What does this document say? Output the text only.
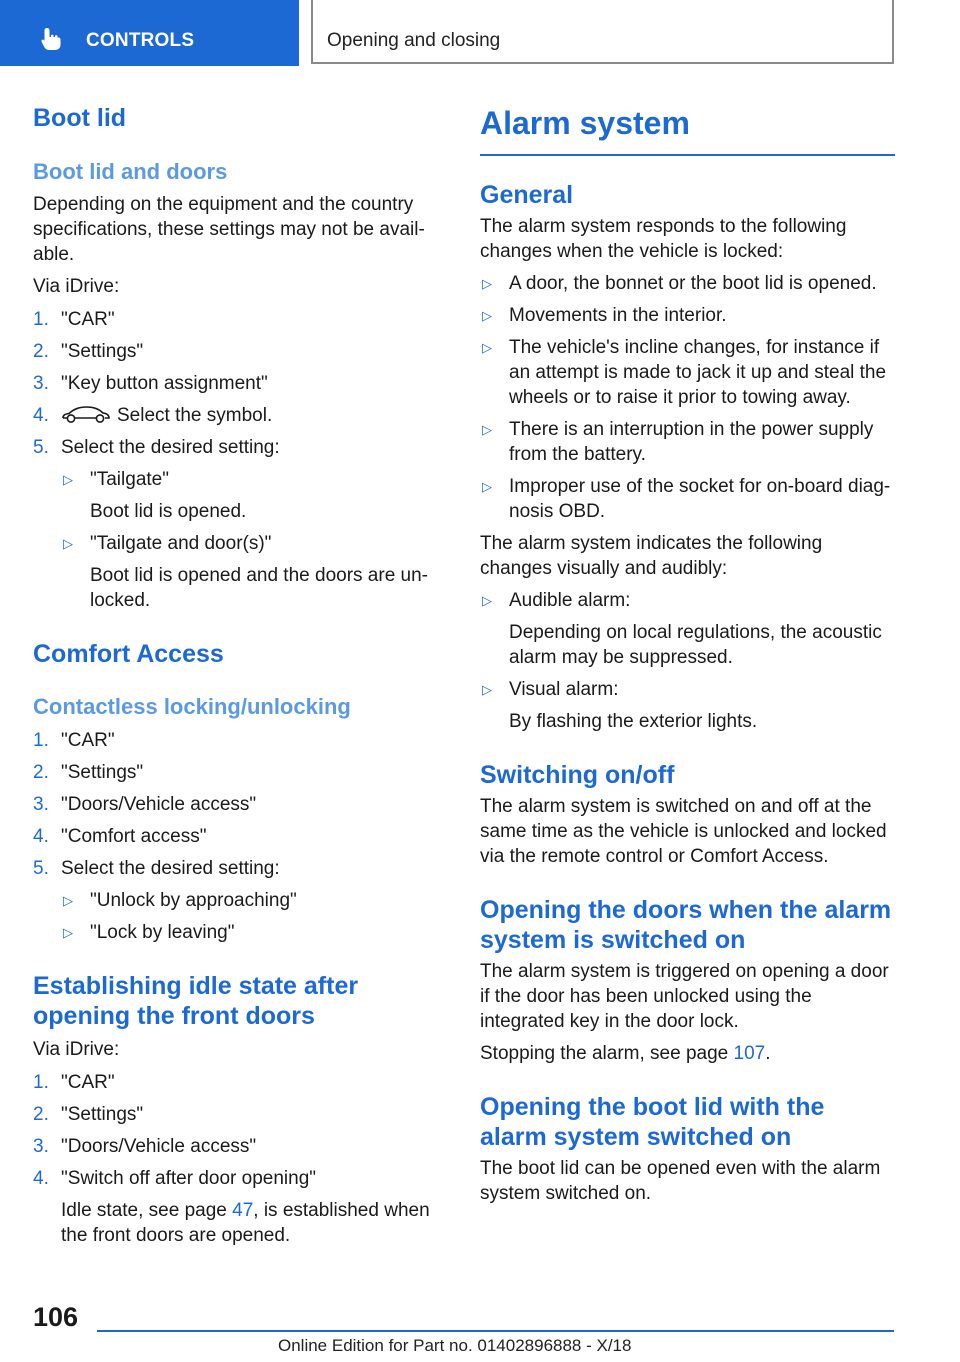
CONTROLS	Opening and closing
Boot lid
Boot lid and doors

Depending on the equipment and the country specifications, these settings may not be avail-able.

Via iDrive:

1. "CAR"
2. "Settings"
3. "Key button assignment"
4.	Select the symbol.
5. Select the desired setting:
▷ "Tailgate"
Boot lid is opened.
▷ "Tailgate and door(s)"
Boot lid is opened and the doors are un-locked.
Comfort Access
Contactless locking/unlocking
1. "CAR"
2. "Settings"
3. "Doors/Vehicle access"
4. "Comfort access"
5. Select the desired setting:
▷ "Unlock by approaching"
▷ "Lock by leaving"
Establishing idle state after opening the front doors

Via iDrive:

1. "CAR"
2. "Settings"
3. "Doors/Vehicle access"
4. "Switch off after door opening"
Idle state, see page 47, is established when the front doors are opened.
Alarm system
General

The alarm system responds to the following changes when the vehicle is locked:

▷ A door, the bonnet or the boot lid is opened.
▷ Movements in the interior.
▷ The vehicle's incline changes, for instance if an attempt is made to jack it up and steal the wheels or to raise it prior to towing away.
▷ There is an interruption in the power supply from the battery.
▷ Improper use of the socket for on-board diag-nosis OBD.

The alarm system indicates the following changes visually and audibly:

▷ Audible alarm:
Depending on local regulations, the acoustic alarm may be suppressed.
▷ Visual alarm:
By flashing the exterior lights.
Switching on/off

The alarm system is switched on and off at the same time as the vehicle is unlocked and locked via the remote control or Comfort Access.

Opening the doors when the alarm system is switched on

The alarm system is triggered on opening a door if the door has been unlocked using the integrated key in the door lock.

Stopping the alarm, see page 107.

Opening the boot lid with the alarm system switched on

The boot lid can be opened even with the alarm system switched on.

106
Online Edition for Part no. 01402896888 - X/18
